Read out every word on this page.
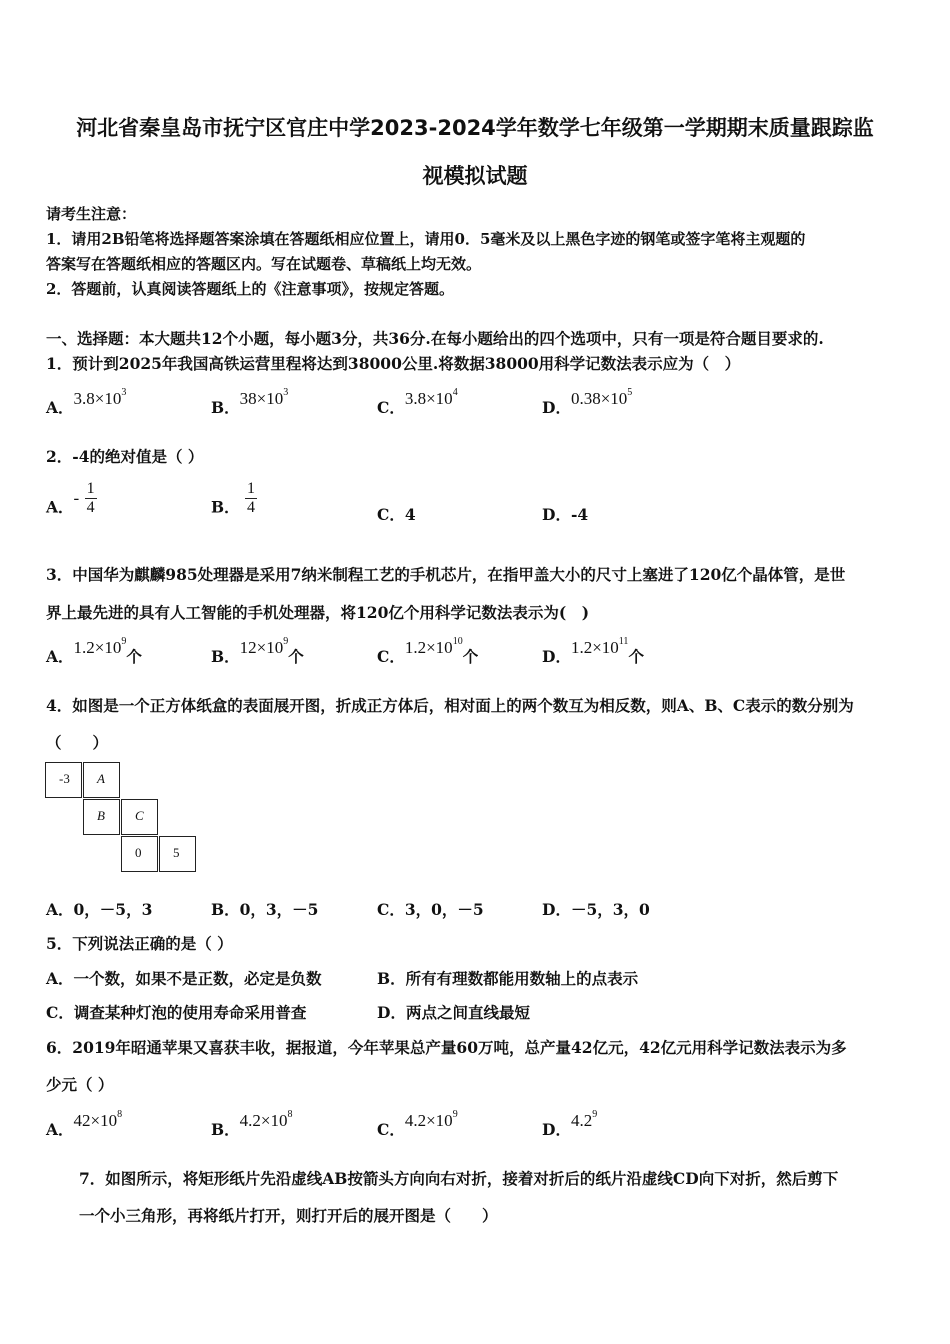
河北省秦皇岛市抚宁区官庄中学2023-2024学年数学七年级第一学期期末质量跟踪监
视模拟试题
请考生注意：
1．请用2B铅笔将选择题答案涂填在答题纸相应位置上，请用0．5毫米及以上黑色字迹的钢笔或签字笔将主观题的
答案写在答题纸相应的答题区内。写在试题卷、草稿纸上均无效。
2．答题前，认真阅读答题纸上的《注意事项》，按规定答题。
一、选择题：本大题共12个小题，每小题3分，共36分.在每小题给出的四个选项中，只有一项是符合题目要求的.
1．预计到2025年我国高铁运营里程将达到38000公里.将数据38000用科学记数法表示应为（　）
A．$3.8\times 10^3$
B．$38\times 10^3$
C．$3.8\times 10^4$
D．$0.38\times 10^5$
2．-4的绝对值是（ ）
A．- $\frac{1}{4}$	B． $\frac{1}{4}$	C．4	D．-4
3．中国华为麒麟985处理器是采用7纳米制程工艺的手机芯片，在指甲盖大小的尺寸上塞进了120亿个晶体管，是世
界上最先进的具有人工智能的手机处理器，将120亿个用科学记数法表示为(　)
A．$1.2\times 10^9$个	B．$12\times 10^9$个	C．$1.2\times 10^{10}$个	D．$1.2\times 10^{11}$个
4．如图是一个正方体纸盒的表面展开图，折成正方体后，相对面上的两个数互为相反数，则A、B、C表示的数分别为
（　　）
-3	A
B	C
0	5
A．0，－5，3	B．0，3，－5	C．3，0，－5	D．－5，3，0
5．下列说法正确的是（ ）
A．一个数，如果不是正数，必定是负数	B．所有有理数都能用数轴上的点表示
C．调查某种灯泡的使用寿命采用普查	D．两点之间直线最短
6．2019年昭通苹果又喜获丰收，据报道，今年苹果总产量60万吨，总产量42亿元，42亿元用科学记数法表示为多
少元（ ）
A．$42\times 10^8$
B．$4.2\times 10^8$
C．$4.2\times 10^9$
D．$4.2^9$
7．如图所示，将矩形纸片先沿虚线AB按箭头方向向右对折，接着对折后的纸片沿虚线CD向下对折，然后剪下
一个小三角形，再将纸片打开，则打开后的展开图是（　　）
